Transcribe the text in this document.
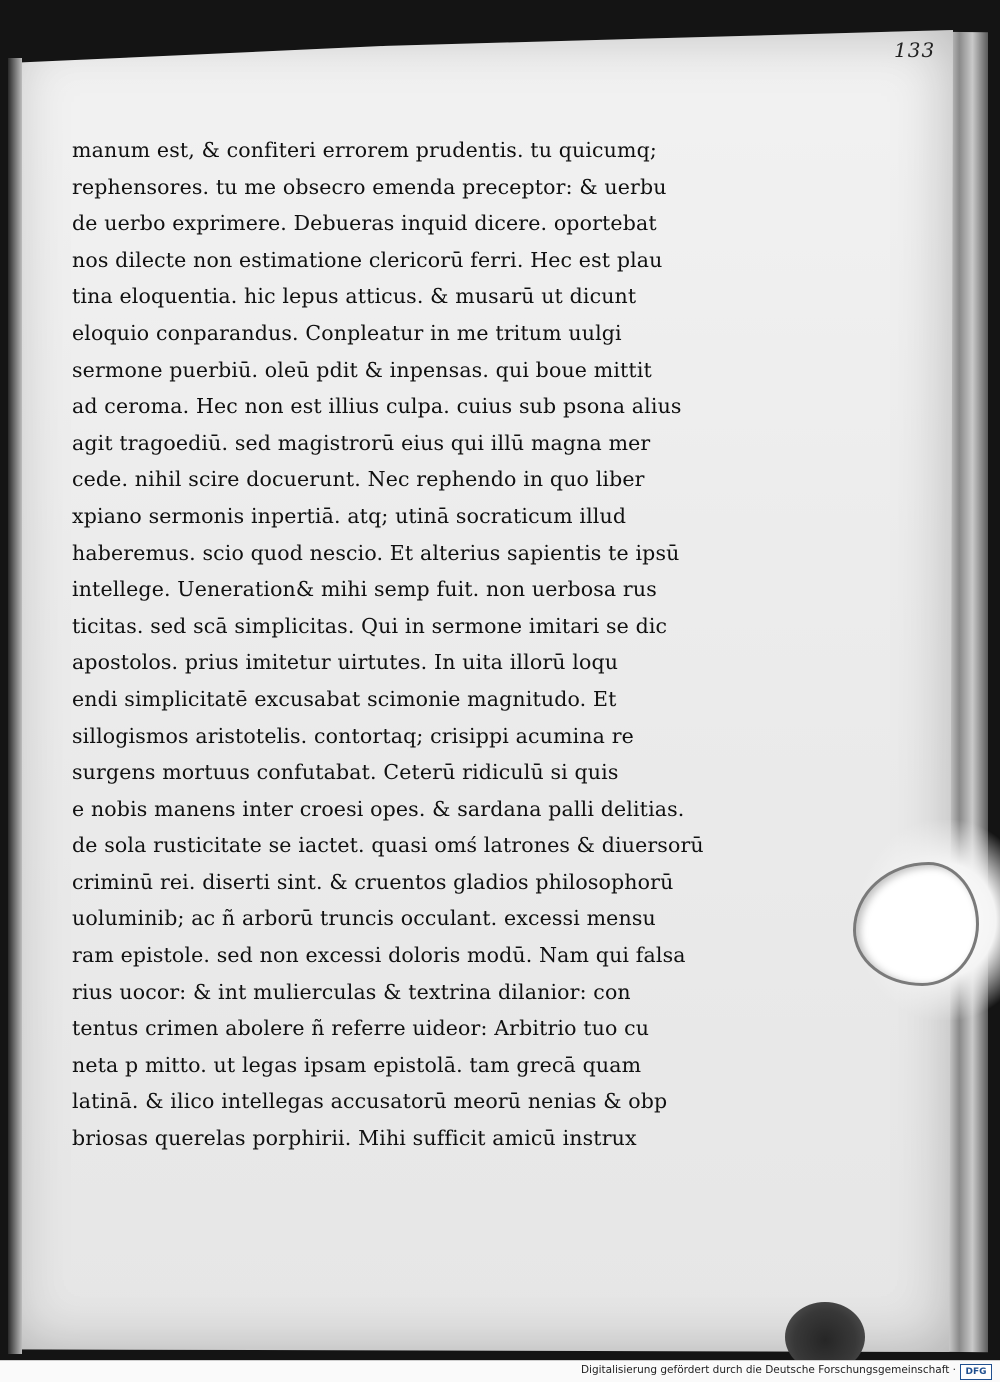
133
manum est, & confiteri errorem prudentis. tu quicumq;
rephensores. tu me obsecro emenda preceptor: & uerbu
de uerbo exprimere. Debueras inquid dicere. oportebat
nos dilecte non estimatione clericorū ferri. Hec est plau
tina eloquentia. hic lepus atticus. & musarū ut dicunt
eloquio conparandus. Conpleatur in me tritum uulgi
sermone puerbiū. oleū pdit & inpensas. qui boue mittit
ad ceroma. Hec non est illius culpa. cuius sub psona alius
agit tragoediū. sed magistrorū eius qui illū magna mer
cede. nihil scire docuerunt. Nec rephendo in quo liber
xpiano sermonis inpertiā. atq; utinā socraticum illud
haberemus. scio quod nescio. Et alterius sapientis te ipsū
intellege. Ueneration& mihi semp fuit. non uerbosa rus
ticitas. sed scā simplicitas. Qui in sermone imitari se dic
apostolos. prius imitetur uirtutes. In uita illorū loqu
endi simplicitatē excusabat scimonie magnitudo. Et
sillogismos aristotelis. contortaq; crisippi acumina re
surgens mortuus confutabat. Ceterū ridiculū si quis
e nobis manens inter croesi opes. & sardana palli delitias.
de sola rusticitate se iactet. quasi omś latrones & diuersorū
criminū rei. diserti sint. & cruentos gladios philosophorū
uoluminib; ac ñ arborū truncis occulant. excessi mensu
ram epistole. sed non excessi doloris modū. Nam qui falsa
rius uocor: & int mulierculas & textrina dilanior: con
tentus crimen abolere ñ referre uideor: Arbitrio tuo cu
neta p mitto. ut legas ipsam epistolā. tam grecā quam
latinā. & ilico intellegas accusatorū meorū nenias & obp
briosas querelas porphirii. Mihi sufficit amicū instrux
Digitalisierung gefördert durch die Deutsche Forschungsgemeinschaft ·	DFG
